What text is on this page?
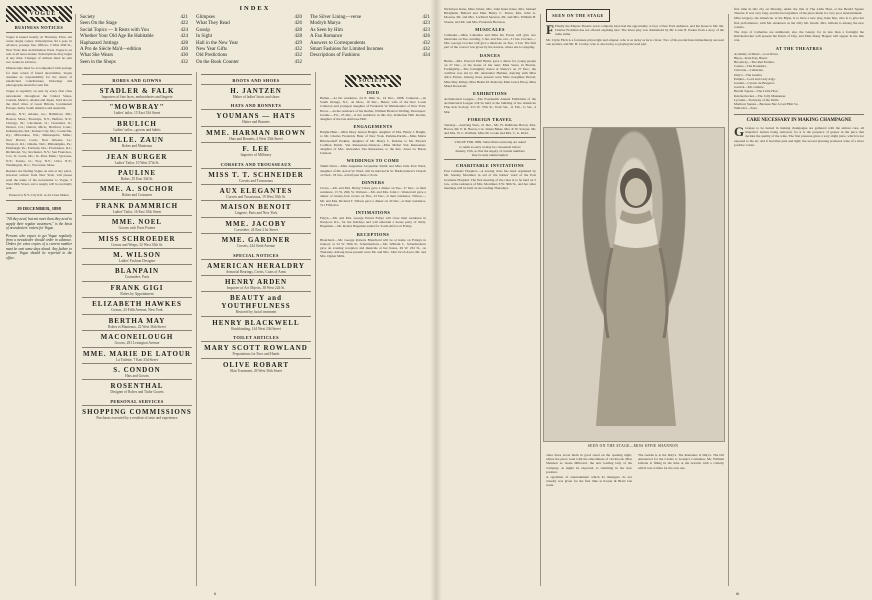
VOGUE
BUSINESS NOTICES

Vogue is issued weekly on Thursday. Price, ten cents; single copies. Subscription, $4 a year, in advance, postage free. Offices, 3 West 29th St., New York; Rue de Richelieu, Paris. Vogue is on sale at all news-stands. Subscriptions may begin at any time. Changes of address must be sent two weeks in advance.

Manuscripts must be accompanied with postage for their return if found unavailable. Vogue assumes no responsibility for the return of unsolicited contributions. Drawings and photographs should be sent flat.

Vogue is regularly on sale by every first class newsdealer throughout the United States, Canada, Mexico, Alaska and Japan. Sold also in the chief cities of Great Britain, Continental Europe, India, South America and Australia.

Albany, N.Y.; Atlanta, Ga.; Baltimore, Md.; Boston, Mass.; Brooklyn, N.Y.; Buffalo, N.Y.; Chicago, Ill.; Cincinnati, O.; Cleveland, O.; Denver, Col.; Detroit, Mich.; Hartford, Conn.; Indianapolis, Ind.; Kansas City, Mo.; Louisville, Ky.; Milwaukee, Wis.; Minneapolis, Minn.; New Haven, Conn.; New Orleans, La.; Newport, R.I.; Omaha, Neb.; Philadelphia, Pa.; Pittsburgh, Pa.; Portland, Ore.; Providence, R.I.; Richmond, Va.; Rochester, N.Y.; San Francisco, Cal.; St. Louis, Mo.; St. Paul, Minn.; Syracuse, N.Y.; Toledo, O.; Troy, N.Y.; Utica, N.Y.; Washington, D.C.; Worcester, Mass.

Readers not finding Vogue on sale at any place, however remote from New York, will please send the name of the newsdealer to Vogue, 3 West 29th Street, and a supply will be promptly sent.

Entered at N.Y. City P.O. as 2d Class Matter

29 DECEMBER, 1898

"All they need, but not more than they need to supply their regular customers," is the basis of newsdealers' orders for Vogue.

Persons who expect to get Vogue regularly from a newsdealer should order in advance. Orders for extra copies of a current number must be sent some days ahead. Any failure to procure Vogue should be reported to the office.

INDEX
Society	421
Seen On the Stage	422
Social Topics — It Rests with You	424
Whether Your Old Age Be Habitable	424
Haphazard Jottings	428
A Pro de Siècle Ma'd—edition	430
What She Wears	430
Seen in the Shops	432
Glimpses	420
What They Read	426
Gossip	428
In Sight	428
Hall in the New Year	429
New Year Gifts	432
Old Predictions	432
On the Book Counter	432
The Silver Lining—verse	421
Modryb Marya	423
As Seen by Him	423
A Fan Romance	426
Answers to Correspondents	432
Smart Fashions for Limited Incomes	432
Descriptions of Fashions	434
ROBES AND GOWNS
STADLER & FALK
Importers of fine laces, embroideries and lingerie
"MOWBRAY"
Ladies' tailor, 15 East 33d Street
BRULICH
Ladies' tailor—gowns and habits
MLLE. ZAUN
Robes and Manteaux
JEAN BURGER
Ladies' Tailor, 10 West 37th St.
PAULINE
Robes, 35 East 33d St.
MME. A. SOCHOR
Robes and Costumes
FRANK DAMMRICH
Ladies' Tailor, 16 East 35th Street
MME. NOEL
Gowns with Paris Pattern
MISS SCHROEDER
Gowns and Wraps, 32 West 35th St.
M. WILSON
Ladies' Fashion Designer
BLANPAIN
Couturière, Paris
FRANK GIGI
Robes by Appointment
ELIZABETH HAWKES
Gowns, 23 Fifth Avenue, New York
BERTHA MAY
Robes et Manteaux, 22 West 36th Street
MACONEILOUGH
Gowns, 281 Lexington Avenue
MME. MARIE DE LATOUR
La Toilette, 7 East 33d Street
S. CONDON
Hats and Gowns
ROSENTHAL
Designer of Robes and Tailor Gowns
PERSONAL SERVICES
SHOPPING COMMISSIONS
Purchases executed by a resident of taste and experience
BOOTS AND SHOES
H. JANTZEN
Maker of ladies' boots and shoes
HATS AND BONNETS
YOUMANS — HATS
Hatter and Bonnets
MME. HARMAN BROWN
Hats and Bonnets, 4 West 35th Street
F. LEE
Importer of Millinery
CORSETS AND TROUSSEAUX
MISS T. T. SCHNEIDER
Corsets and Trousseaux
AUX ELEGANTES
Corsets and Trousseaux, 19 West 35th St.
MAISON BENOIT
Lingerie, Paris and New York
MME. JACOBY
Corsetière, 24 East 21st Street
MME. GARDNER
Corsets, 244 Sixth Avenue
SPECIAL NOTICES
AMERICAN HERALDRY
Armorial Bearings, Crests, Coats of Arms
HENRY ARDEN
Importer of Art Objects, 38 West 22d St.
BEAUTY and YOUTHFULNESS
Restored by facial treatment
HENRY BLACKWELL
Bookbinding, 144 West 23d Street
TOILET ARTICLES
MARY SCOTT ROWLAND
Preparations for Face and Hands
OLIVE ROBART
Skin Treatment, 26 West 36th Street
SOCIETY
DIED

Helleu.—At his residence, 24 E. 66th St., 24 Dec., 1898. Cameron.—At South Orange, N.J., on Mon., 19 Dec., Helen, wife of the Rev. Louis Cameron and youngest daughter of Frederick W. Rhinelander of New York. Howe.—At the residence of his mother, William Braxton Welling, Davenport. Jerome.—Fri., 23 Dec., at her residence in this city, Katherine Hall Jerome, daughter of the late Ambrose Hall.

ENGAGEMENTS

Haight-Hunt.—Miss Mary Jenson Haight, daughter of Mrs. Henry J. Haight, to Mr. Charles Frederick Hunt of New York. Perkins-Parish.—Miss Maria Brinckerhoff Perkins, daughter of Mr. Henry C. Perkins, to Mr. Edward Codman Parish. Van Rensselaer-Johnson.—Miss Mabel Van Rensselaer, daughter of Mrs. Alexander Van Rensselaer, to the Rev. Jones Le Baron Johnson.

WEDDINGS TO COME

Smith-Ward.—Miss Augustine Jacqueline Smith and Miss Julia Post Ward, daughter of Mr. Aaron W. Ward, will be married in St. Bartholomew's Church on Wed., 18 Jan., at half past three o'clock.

DINNERS

Clews.—Mr. and Mrs. Henry Clews gave a dinner on Tue., 27 Dec., at their residence, 15 W. 29th St. Webster.—Mr. and Mrs. John C. Westervelt gave a dinner of twenty-four covers on Thu., 22 Dec., at their residence. Wilson.—Mr. and Mrs. Richard T. Wilson gave a dinner on 20 Dec., at their residence, 511 Fifth Ave.

INTIMATIONS

Fabyn.—Mr. and Mrs. George Ernest Fabyn will close their residence in Newport, R.I., for the holidays and will entertain a house party of thirty. Hageman.—Mr. Robert Hageman sailed for South Africa on Friday.

RECEPTIONS

Blanchard.—Mr. George Roberts Blanchard will be at home on Fridays in January at 34 W. 39th St. Schermerhorn.—Mr. William C. Schermerhorn gave an evening reception and musicale at her house, 49 W. 23d St., on Thursday. Among those present were Mr. and Mrs. John Jacob Astor, Mr. and Mrs. Ogden Mills.

ii

Nicholson Kane, Miss Gibert, Mrs. John Innes Kane, Mrs. Samuel Bridgham, Ballard and Miss Henry C. Potter, Mrs. John G. Moreau, Mr. and Mrs. Lorillard Spencer, Mr. and Mrs. William H. Sloane, and Mr. and Mrs. Frederick Bronson.

MUSICALES

Callender.—Miss Callender and Miss De Forest will give two musicales on Tue. evening, 3 Jan. and Tue. eve., 31 Jan. Crocker.—Mrs. George Crocker will give a musicale on Tue., 5 Jan. The first part of the concert was given by the Astoria, where she is stopping.

DANCES

Butler.—Mrs. Prescott Hall Butler gave a dance for young people on 27 Dec., at the house of her aunt, Miss Sears, in Boston. Fortnightly.—The fortnightly dance at Sherry's on 27 Dec., the cotillion was led by Mr. Alexander Hadden, dancing with Miss Alice Fernie. Among those present were Miss Josephine Drexel, Miss May Kilbey, Miss Helen M. Peabody, Miss Grace Hoop, Miss Maud Roosevelt.

EXHIBITIONS

Architectural League.—The Fourteenth Annual Exhibition of the Architectural League will be held at the building of the American Fine Arts Society, 215 W. 57th St., from Sat., 11 Feb., to Sat., 4 Mar.

FOREIGN TRAVEL

Tuesday.—Arriving Wed., 21 Dec., Mr. W. Rathbone Bacon, Mrs. Bacon, Mr. E. R. Bacon, Col. James Baker, Mrs. P. W. Sawyer, Mr. and Mrs. W. C. Pallister, Miss M. Cooke and Mrs. C. G. Kidd.

VOGUE FOR 1899. Subscribers renewing are asked to remit as early as may be convenient before January 15th, so that the supply of current numbers may be kept uninterrupted.

CHARITABLE INVITATIONS

Post Graduate Hospital.—A sewing class has been organized by Mr. Stanley Mortimer in aid of the babies' ward of the Post Graduate Hospital. The first meeting of the class is to be held on 5 Jan., at the residence of Mrs. Mortimer, 6 W. 36th St., and her other meetings will be held on succeeding Thursdays.

SEEN ON THE STAGE

F Finally the Empire Theatre stock company have had the opportunity to face a New York audience, and the house is full. Mr. Charles Frohman has not offered anything new. The latest play was dramatized by Mr. Louis N. Parker from a story of the same name.

Mr. Clyde Fitch is a fortunate playwright and adapter, who is as lucky as he is clever. Two of his productions immediately succeed one another, and Mr. H. Crosby, who is also lucky, is playing the lead part.

SEEN ON THE STAGE—MISS EFFIE SHANNON

other three stood them in good stead on the opening night, where the piece went with the smoothness of clockwork. Miss Shannon as Jessie Millward, the new leading lady of the company, as might be expected, is charming in her new position.

A specimen of entertainment which its managers do not classify was given for the first time at Koster & Bial's last week.

The Geisha is at the Daly's. The Rounders at Daly's. The bill announced for the Casino is Gossip's Comedies. Mr. William Gillette is filling in the time at the Garrick with a comedy which was written for his own use.

first time in this city on Monday, under the title of The Little Host, at the Herald Square Theatre. It was very long, and the incongruities of the piece made it a very poor entertainment.

Miss Gregory, the American, at the Bijou, is to have a new play, Kate Kip, who is to give her first performance, with Mr. Anderson as the Jolly Mr. Doubt. Mrs. Gillette is among the new comers.

The days of Catherine are numbered, also the Gaiety, for in less than a fortnight the Knickerbocker will present the Dawn of Day, and Miss Daisy Hopper will appear in the title role.

AT THE THEATRES
Academy of Music—Lost River.
Bijou—Kate Kip, Buyer.
Broadway—The Red Feather.
Casino—The Rounders.
Criterion—Catherine.
Daly's—The Geisha.
Empire—Lord and Lady Algy.
Garden—Cyrano de Bergerac.
Garrick—Mr. Gillette.
Herald Square—The Little Host.
Knickerbocker—The Jolly Musketeer.
Lyceum—Trelawny of the Wells.
Madison Square—Because She Loved Him So.
Wallack's—Zaza.
CARE NECESSARY IN MAKING CHAMPAGNE

G Grapes to be turned in making champagne are gathered with the utmost care, all imperfect berries being removed, for it is the presence of grapes in the juice that decides the quality of the wine. The first pressure gives a very slight juice, which is not exposed to the air, and it becomes pale and light; the second pressing produces wine of a more positive colour.

iii
